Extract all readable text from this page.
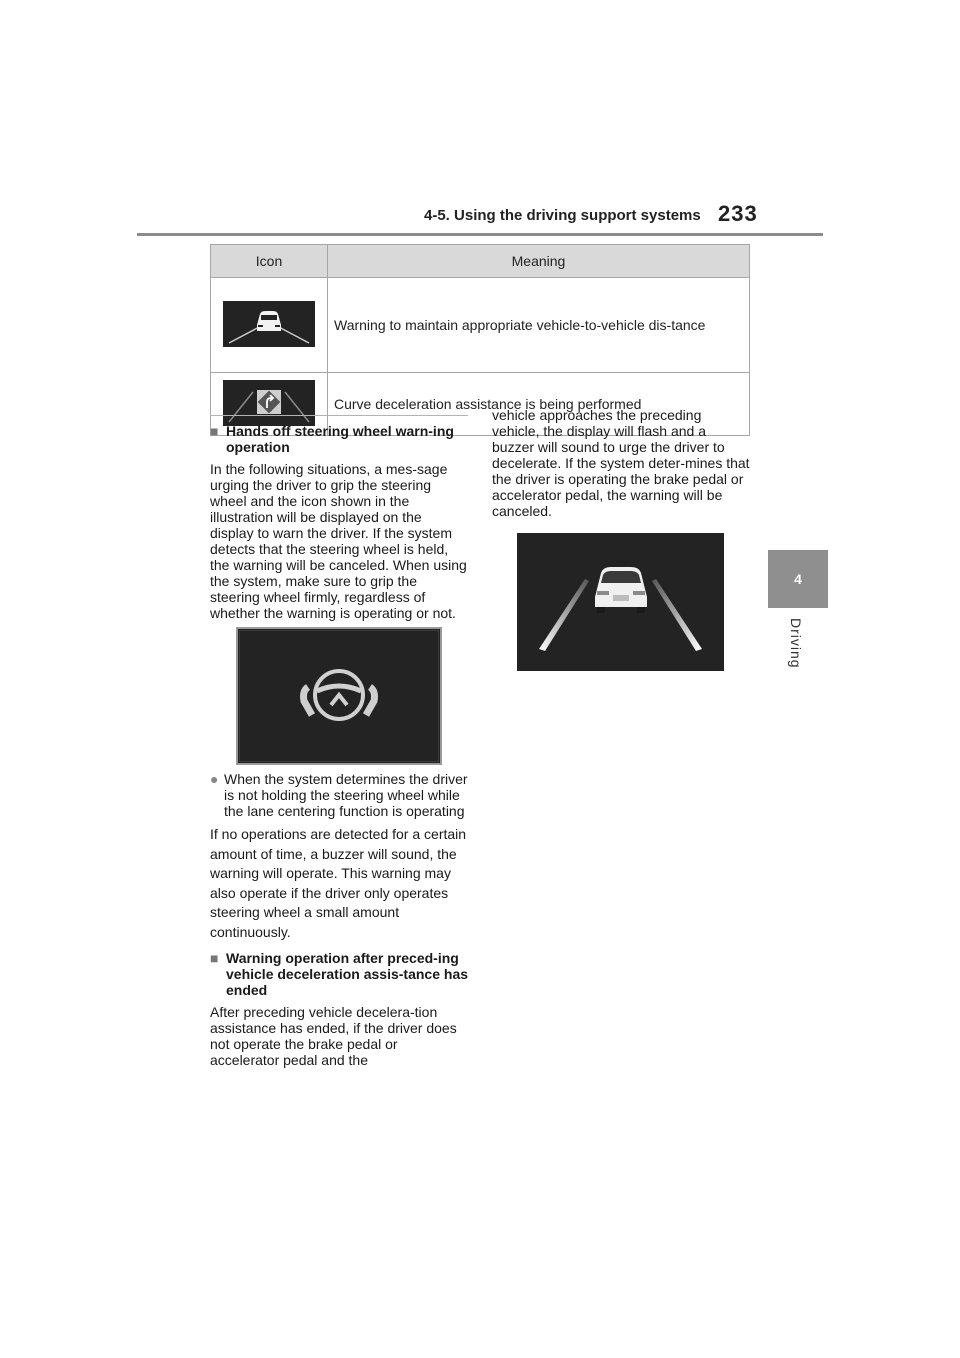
4-5. Using the driving support systems 233
4
Driving
Icon	Meaning

	Warning to maintain appropriate vehicle-to-vehicle dis-tance

	Curve deceleration assistance is being performed

■ Hands off steering wheel warn-ing operation

In the following situations, a mes-sage urging the driver to grip the steering wheel and the icon shown in the illustration will be displayed on the display to warn the driver. If the system detects that the steering wheel is held, the warning will be canceled. When using the system, make sure to grip the steering wheel firmly, regardless of whether the warning is operating or not.

● When the system determines the driver is not holding the steering wheel while the lane centering function is operating

If no operations are detected for a certain amount of time, a buzzer will sound, the warning will operate. This warning may also operate if the driver only operates steering wheel a small amount continuously.

■ Warning operation after preced-ing vehicle deceleration assis-tance has ended

After preceding vehicle decelera-tion assistance has ended, if the driver does not operate the brake pedal or accelerator pedal and the

vehicle approaches the preceding vehicle, the display will flash and a buzzer will sound to urge the driver to decelerate. If the system deter-mines that the driver is operating the brake pedal or accelerator pedal, the warning will be canceled.
